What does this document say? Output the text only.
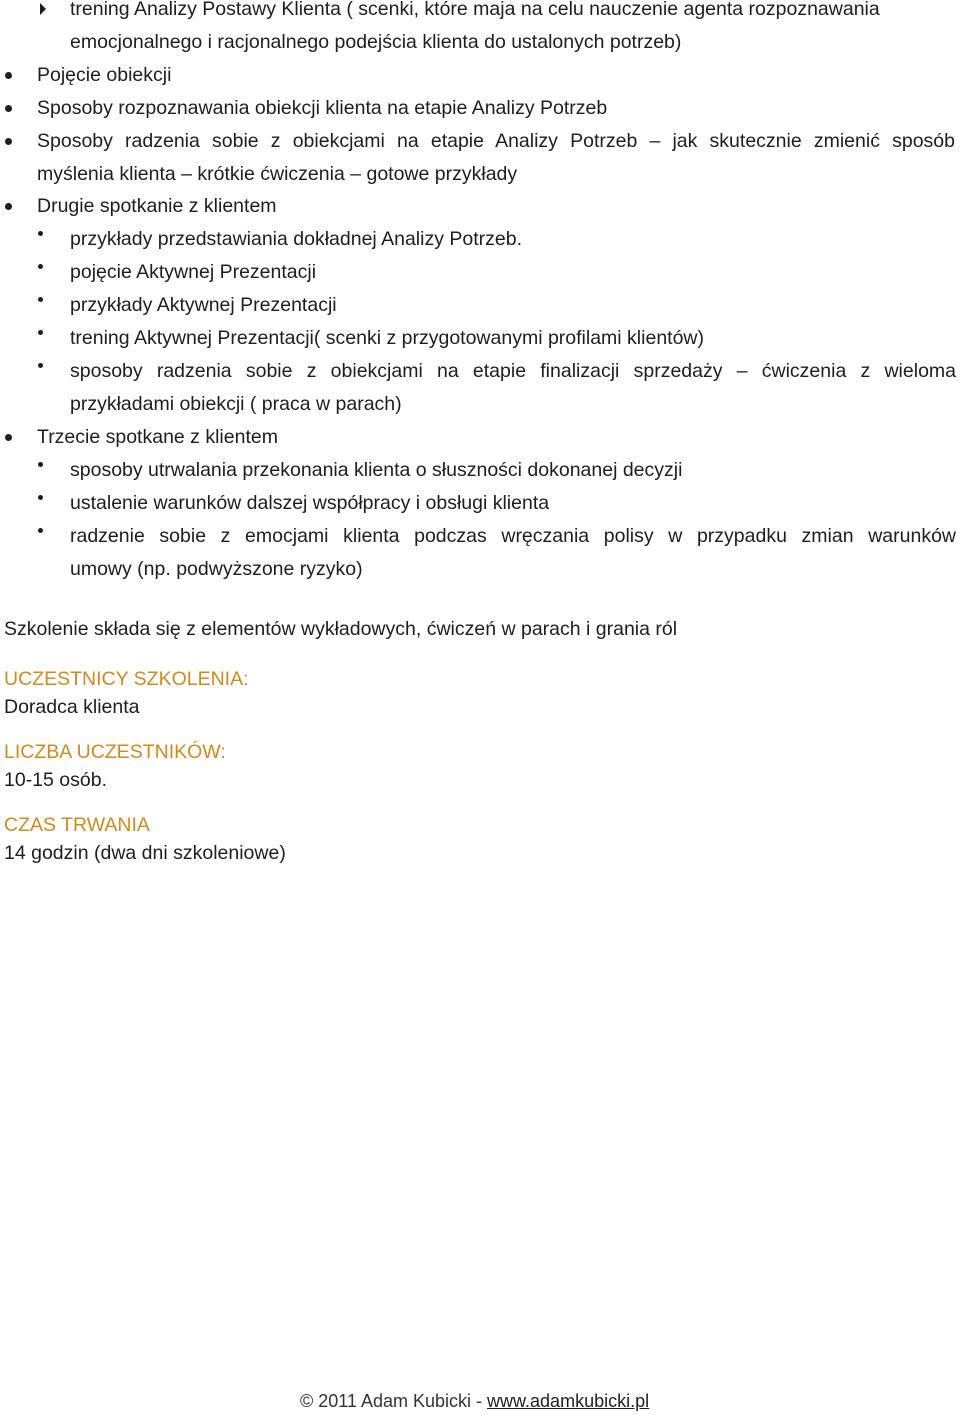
trening Analizy Postawy Klienta ( scenki, które maja na celu nauczenie agenta rozpoznawania
emocjonalnego i racjonalnego podejścia klienta do ustalonych potrzeb)
Pojęcie obiekcji
Sposoby rozpoznawania obiekcji klienta na etapie Analizy Potrzeb
Sposoby radzenia sobie z obiekcjami na etapie Analizy Potrzeb – jak skutecznie zmienić sposób
myślenia klienta – krótkie ćwiczenia – gotowe przykłady
Drugie spotkanie z klientem
przykłady przedstawiania dokładnej Analizy Potrzeb.
pojęcie Aktywnej Prezentacji
przykłady Aktywnej Prezentacji
trening Aktywnej Prezentacji( scenki z przygotowanymi profilami klientów)
sposoby radzenia sobie z obiekcjami na etapie finalizacji sprzedaży – ćwiczenia z wieloma
przykładami obiekcji ( praca w parach)
Trzecie spotkane z klientem
sposoby utrwalania przekonania klienta o słuszności dokonanej decyzji
ustalenie warunków dalszej współpracy i obsługi klienta
radzenie sobie z emocjami klienta podczas wręczania polisy w przypadku zmian warunków
umowy (np. podwyższone ryzyko)
Szkolenie składa się z elementów wykładowych, ćwiczeń w parach i grania ról
UCZESTNICY SZKOLENIA:
Doradca klienta
LICZBA UCZESTNIKÓW:
10-15 osób.
CZAS TRWANIA
14 godzin (dwa dni szkoleniowe)
© 2011 Adam Kubicki - www.adamkubicki.pl
